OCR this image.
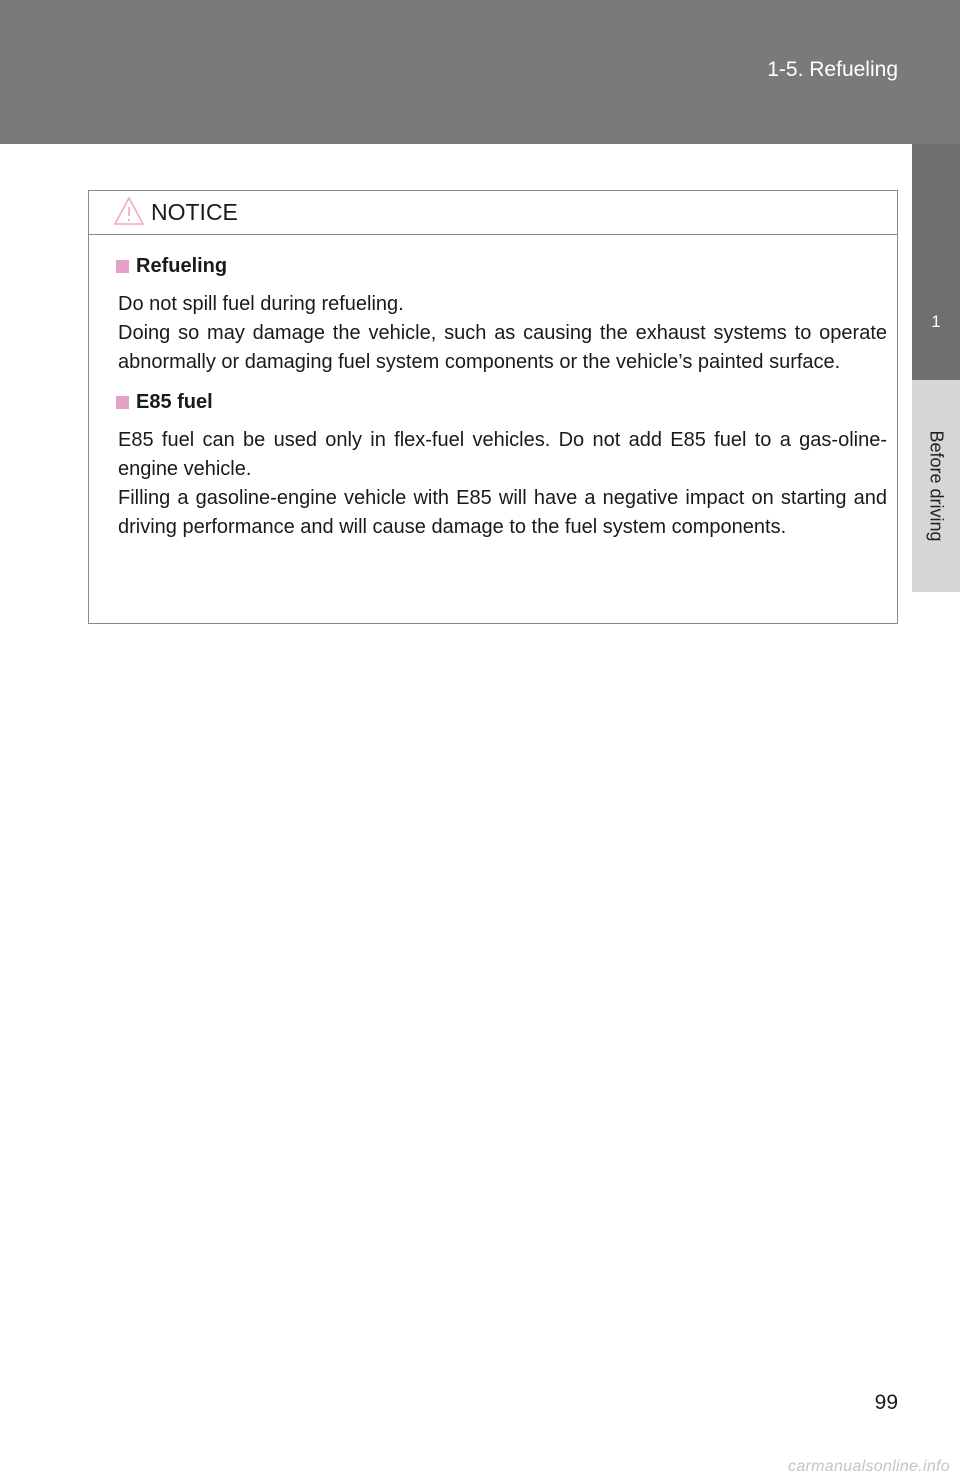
1-5. Refueling
1
Before driving
NOTICE
Refueling

Do not spill fuel during refueling.
Doing so may damage the vehicle, such as causing the exhaust systems to operate abnormally or damaging fuel system components or the vehicle’s painted surface.

E85 fuel

E85 fuel can be used only in flex-fuel vehicles. Do not add E85 fuel to a gas-oline-engine vehicle.
Filling a gasoline-engine vehicle with E85 will have a negative impact on starting and driving performance and will cause damage to the fuel system components.

99
carmanualsonline.info
